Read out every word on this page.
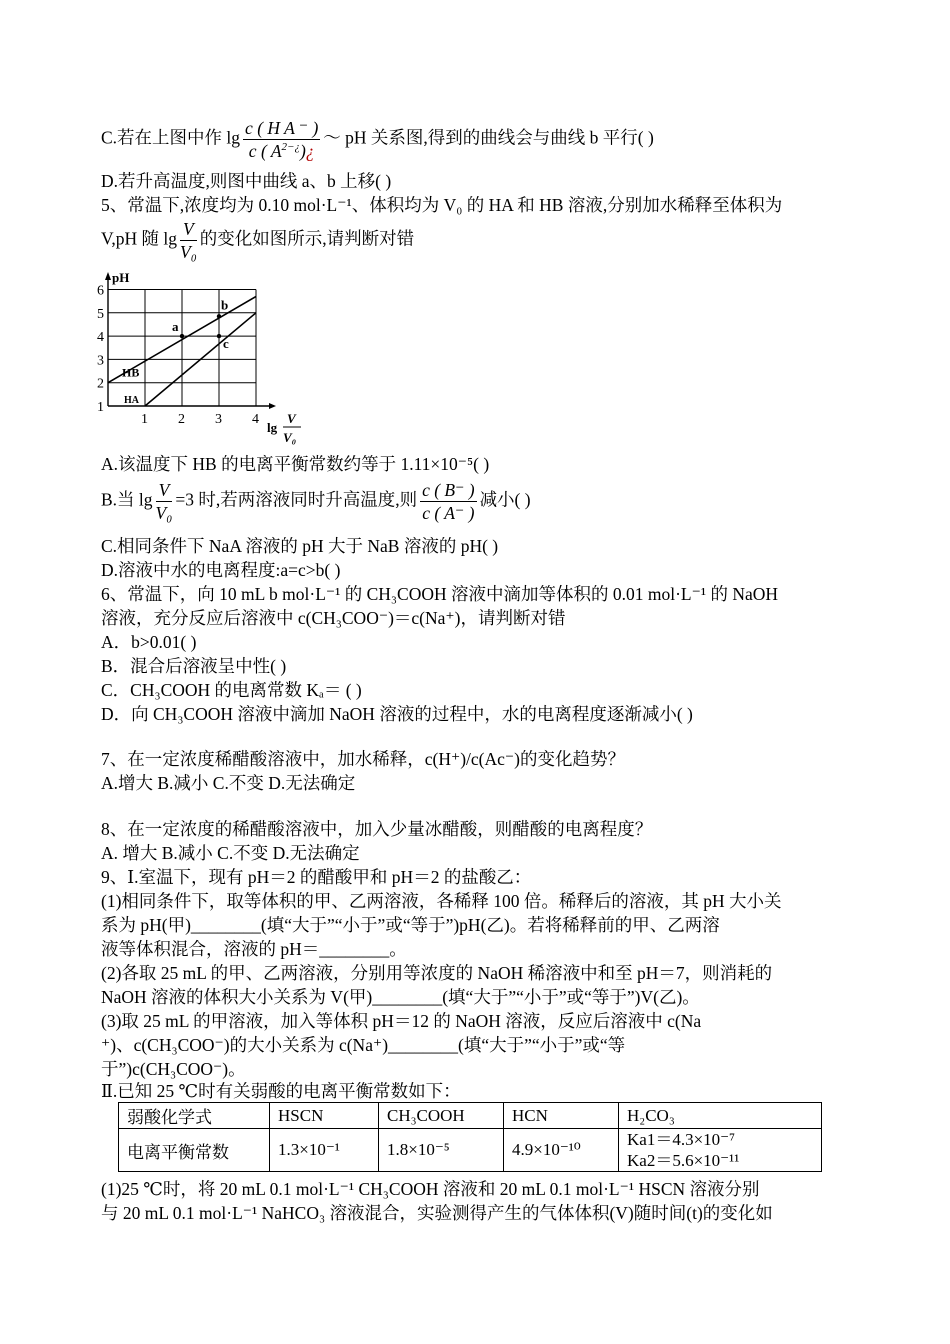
C.若在上图中作 $\lg \frac{\text{c ( H A ⁻ )}}{c ( A^{2-¿})¿}$ ～ pH 关系图,得到的曲线会与曲线 b 平行( )
D.若升高温度,则图中曲线 a、b 上移( )
5、常温下,浓度均为 0.10 mol·L⁻¹、体积均为 V₀ 的 HA 和 HB 溶液,分别加水稀释至体积为
V,pH 随 $\lg \frac{V}{\text{V₀}}$ 的变化如图所示,请判断对错
1
2
3
4
5
6
1 2 3 4
pH
lg
V
V₀
HB
HA
a
b
c
A.该温度下 HB 的电离平衡常数约等于 1.11×10⁻⁵( )
B.当 $\lg \frac{V}{\text{V₀}} =3$ 时,若两溶液同时升高温度,则 $\frac{c ( B^- )}{c ( A^- )}$ 减小( )
C.相同条件下 NaA 溶液的 pH 大于 NaB 溶液的 pH( )
D.溶液中水的电离程度:a=c>b( )
6、常温下，向 10 mL b mol·L⁻¹ 的 CH₃COOH 溶液中滴加等体积的 0.01 mol·L⁻¹ 的 NaOH
溶液，充分反应后溶液中 c(CH₃COO⁻)＝c(Na⁺)，请判断对错
A．b>0.01( )
B．混合后溶液呈中性( )
C．CH₃COOH 的电离常数 Kₐ＝ ( )
D．向 CH₃COOH 溶液中滴加 NaOH 溶液的过程中，水的电离程度逐渐减小( )
7、在一定浓度稀醋酸溶液中，加水稀释，c(H⁺)/c(Ac⁻)的变化趋势？
A.增大 B.减小 C.不变 D.无法确定
8、在一定浓度的稀醋酸溶液中，加入少量冰醋酸，则醋酸的电离程度？
A. 增大 B.减小 C.不变 D.无法确定
9、Ⅰ.室温下，现有 pH＝2 的醋酸甲和 pH＝2 的盐酸乙：
(1)相同条件下，取等体积的甲、乙两溶液，各稀释 100 倍。稀释后的溶液，其 pH 大小关
系为 pH(甲)________(填“大于”“小于”或“等于”)pH(乙)。若将稀释前的甲、乙两溶
液等体积混合，溶液的 pH＝________。
(2)各取 25 mL 的甲、乙两溶液，分别用等浓度的 NaOH 稀溶液中和至 pH＝7，则消耗的
NaOH 溶液的体积大小关系为 V(甲)________(填“大于”“小于”或“等于”)V(乙)。
(3)取 25 mL 的甲溶液，加入等体积 pH＝12 的 NaOH 溶液，反应后溶液中 c(Na
⁺)、c(CH₃COO⁻)的大小关系为 c(Na⁺)________(填“大于”“小于”或“等
于”)c(CH₃COO⁻)。
Ⅱ.已知 25 ℃时有关弱酸的电离平衡常数如下：
弱酸化学式	HSCN	CH₃COOH	HCN	H₂CO₃
电离平衡常数	1.3×10⁻¹	1.8×10⁻⁵	4.9×10⁻¹⁰	Ka1＝4.3×10⁻⁷
Ka2＝5.6×10⁻¹¹
(1)25 ℃时，将 20 mL 0.1 mol·L⁻¹ CH₃COOH 溶液和 20 mL 0.1 mol·L⁻¹ HSCN 溶液分别
与 20 mL 0.1 mol·L⁻¹ NaHCO₃ 溶液混合，实验测得产生的气体体积(V)随时间(t)的变化如
